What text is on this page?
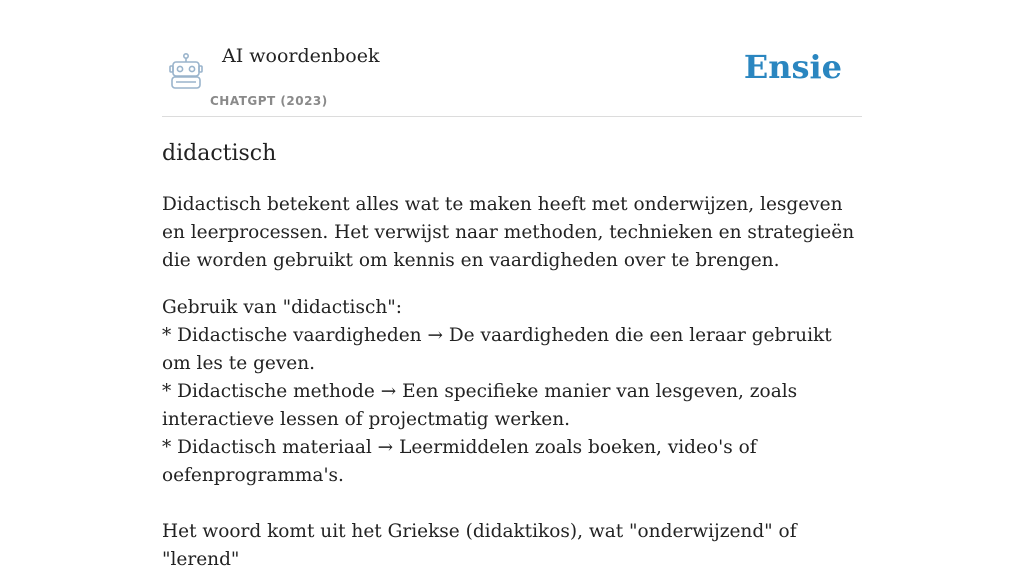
AI woordenboek
CHATGPT (2023)
Ensie
didactisch

Didactisch betekent alles wat te maken heeft met onderwijzen, lesgeven en leerprocessen. Het verwijst naar methoden, technieken en strategieën die worden gebruikt om kennis en vaardigheden over te brengen.

Gebruik van "didactisch":

* Didactische vaardigheden → De vaardigheden die een leraar gebruikt om les te geven.

* Didactische methode → Een specifieke manier van lesgeven, zoals interactieve lessen of projectmatig werken.

* Didactisch materiaal → Leermiddelen zoals boeken, video's of oefenprogramma's.

Het woord komt uit het Griekse (didaktikos), wat "onderwijzend" of "lerend"
